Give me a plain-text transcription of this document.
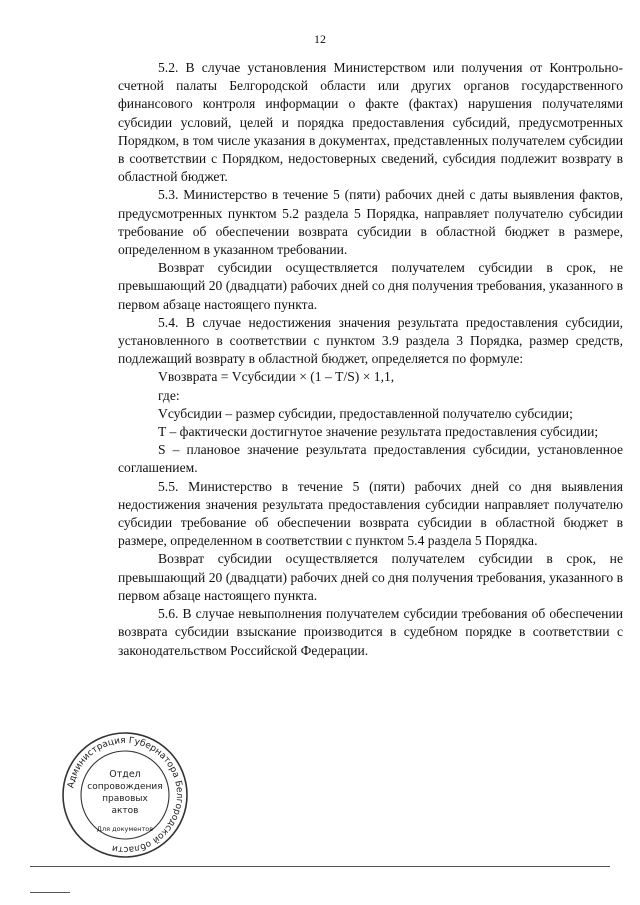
12

5.2. В случае установления Министерством или получения от Контрольно-счетной палаты Белгородской области или других органов государственного финансового контроля информации о факте (фактах) нарушения получателями субсидии условий, целей и порядка предоставления субсидий, предусмотренных Порядком, в том числе указания в документах, представленных получателем субсидии в соответствии с Порядком, недостоверных сведений, субсидия подлежит возврату в областной бюджет.

5.3. Министерство в течение 5 (пяти) рабочих дней с даты выявления фактов, предусмотренных пунктом 5.2 раздела 5 Порядка, направляет получателю субсидии требование об обеспечении возврата субсидии в областной бюджет в размере, определенном в указанном требовании.

Возврат субсидии осуществляется получателем субсидии в срок, не превышающий 20 (двадцати) рабочих дней со дня получения требования, указанного в первом абзаце настоящего пункта.

5.4. В случае недостижения значения результата предоставления субсидии, установленного в соответствии с пунктом 3.9 раздела 3 Порядка, размер средств, подлежащий возврату в областной бюджет, определяется по формуле:

Vвозврата = Vсубсидии × (1 – T/S) × 1,1,

где:

Vсубсидии – размер субсидии, предоставленной получателю субсидии;

T – фактически достигнутое значение результата предоставления субсидии;

S – плановое значение результата предоставления субсидии, установленное соглашением.

5.5. Министерство в течение 5 (пяти) рабочих дней со дня выявления недостижения значения результата предоставления субсидии направляет получателю субсидии требование об обеспечении возврата субсидии в областной бюджет в размере, определенном в соответствии с пунктом 5.4 раздела 5 Порядка.

Возврат субсидии осуществляется получателем субсидии в срок, не превышающий 20 (двадцати) рабочих дней со дня получения требования, указанного в первом абзаце настоящего пункта.

5.6. В случае невыполнения получателем субсидии требования об обеспечении возврата субсидии взыскание производится в судебном порядке в соответствии с законодательством Российской Федерации.

Администрация Губернатора Белгородской области
Отдел
сопровождения
правовых
актов
Для документов
